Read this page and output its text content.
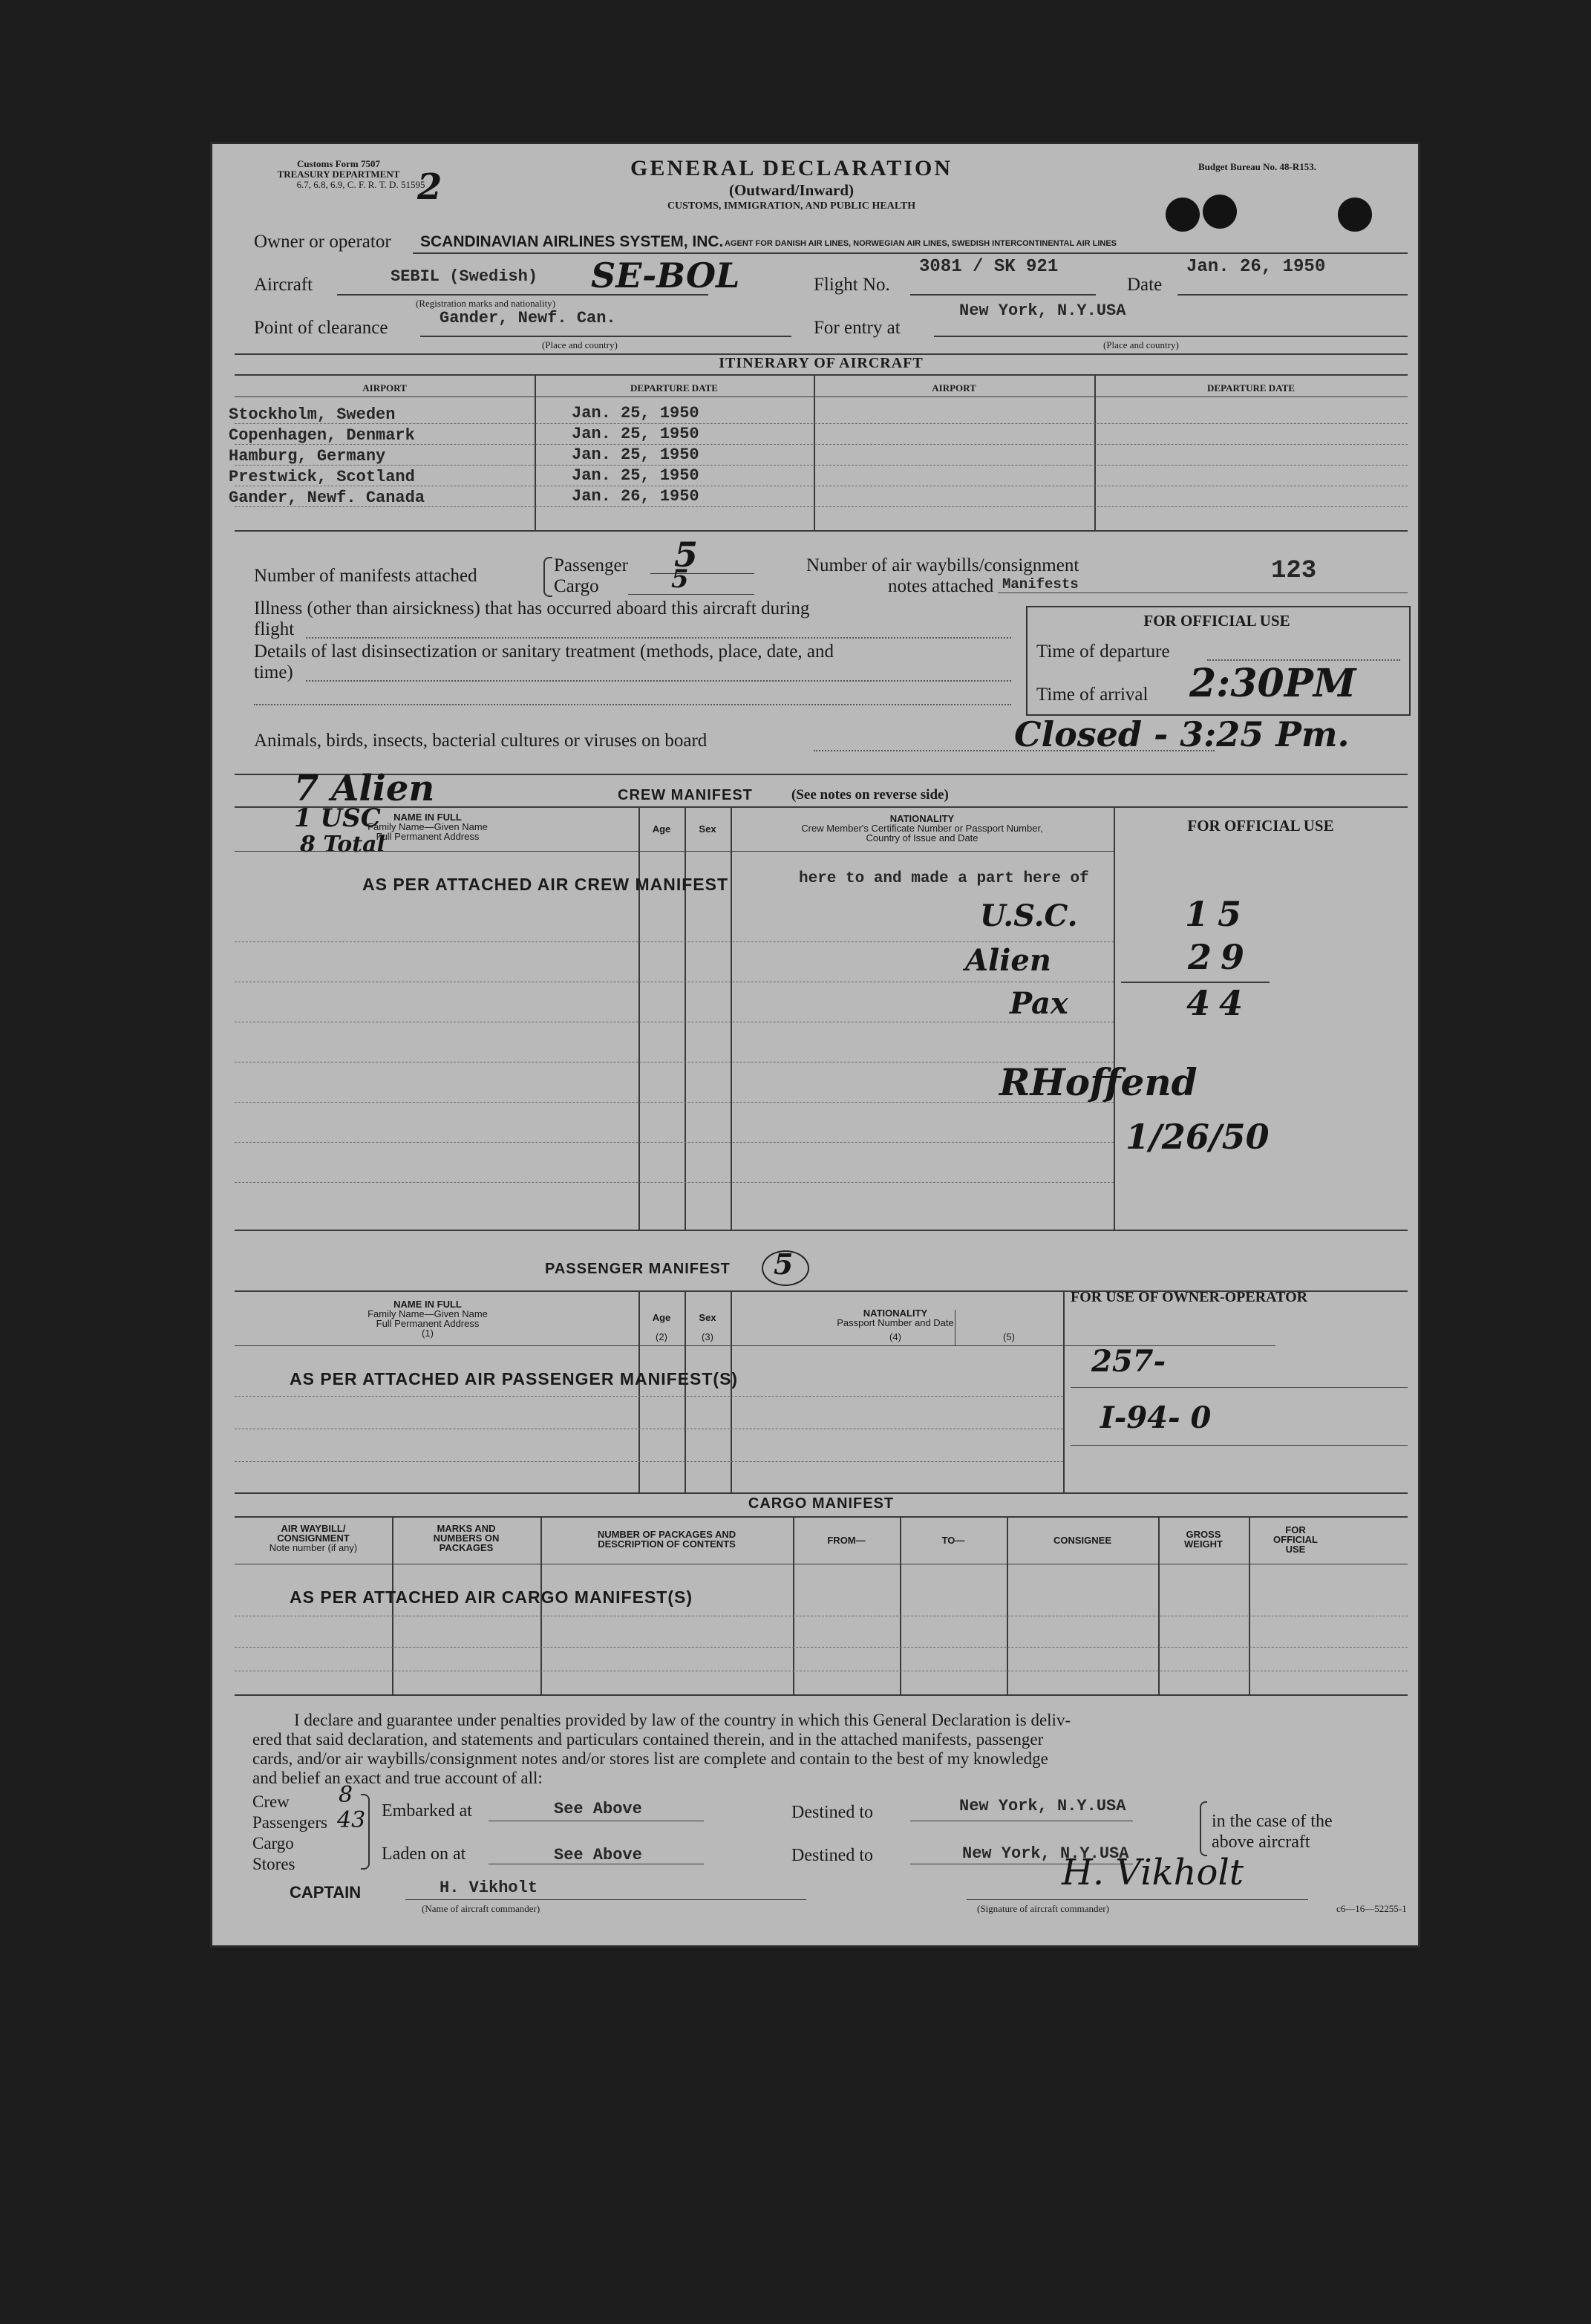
Customs Form 7507
TREASURY DEPARTMENT
6.7, 6.8, 6.9, C. F. R. T. D. 51595
2	GENERAL DECLARATION
(Outward/Inward)
CUSTOMS, IMMIGRATION, AND PUBLIC HEALTH
Budget Bureau No. 48-R153.
Owner or operator SCANDINAVIAN AIRLINES SYSTEM, INC. AGENT FOR DANISH AIR LINES, NORWEGIAN AIR LINES, SWEDISH INTERCONTINENTAL AIR LINES
Aircraft	SEBIL (Swedish) SE-BOL
(Registration marks and nationality)
Flight No.
3081 / SK 921
Date
Jan. 26, 1950
Point of clearance	Gander, Newf. Can.
(Place and country)
For entry at
New York, N.Y.USA
(Place and country)
ITINERARY OF AIRCRAFT
AIRPORT	DEPARTURE DATE	AIRPORT	DEPARTURE DATE
Stockholm, Sweden	Jan. 25, 1950
Copenhagen, Denmark	Jan. 25, 1950
Hamburg, Germany	Jan. 25, 1950
Prestwick, Scotland	Jan. 25, 1950
Gander, Newf. Canada	Jan. 26, 1950
Number of manifests attached
Passenger 5
Cargo	5	Number of air waybills/consignment
notes attached Manifests	123
Illness (other than airsickness) that has occurred aboard this aircraft during
flight
Details of last disinsectization or sanitary treatment (methods, place, date, and
time)
Animals, birds, insects, bacterial cultures or viruses on board
FOR OFFICIAL USE
Time of departure
Time of arrival 2:30PM
Closed - 3:25 Pm.
CREW MANIFEST	(See notes on reverse side)
7 Alien
1 USC
8 Total
NAME IN FULL
Family Name—Given Name
Full Permanent Address
Age	Sex
NATIONALITY
Crew Member's Certificate Number or Passport Number,
Country of Issue and Date
FOR OFFICIAL USE
AS PER ATTACHED AIR CREW MANIFEST	here to and made a part here of
U.S.C.	15
Alien	29
Pax	44
RHoffend
1/26/50
PASSENGER MANIFEST 5
NAME IN FULL
Family Name—Given Name
Full Permanent Address
(1)
Age
(2)
Sex
(3)
NATIONALITY
Passport Number and Date
(4)	(5)
FOR USE OF OWNER-OPERATOR
AS PER ATTACHED AIR PASSENGER MANIFEST(S)	257-
I-94- 0
CARGO MANIFEST
AIR WAYBILL/
CONSIGNMENT
Note number (if any)
MARKS AND
NUMBERS ON
PACKAGES
NUMBER OF PACKAGES AND
DESCRIPTION OF CONTENTS	FROM—	TO—	CONSIGNEE
GROSS
WEIGHT
FOR
OFFICIAL
USE
AS PER ATTACHED AIR CARGO MANIFEST(S)
I declare and guarantee under penalties provided by law of the country in which this General Declaration is deliv-
ered that said declaration, and statements and particulars contained therein, and in the attached manifests, passenger
cards, and/or air waybills/consignment notes and/or stores list are complete and contain to the best of my knowledge
and belief an exact and true account of all:
Crew 8
Passengers 43
Cargo
Stores
Embarked at	See Above
Laden on at	See Above
Destined to	New York, N.Y.USA
Destined to	New York, N.Y.USA
in the case of the
above aircraft
CAPTAIN	H. Vikholt
(Name of aircraft commander)
H. Vikholt
(Signature of aircraft commander)	c6—16—52255-1
